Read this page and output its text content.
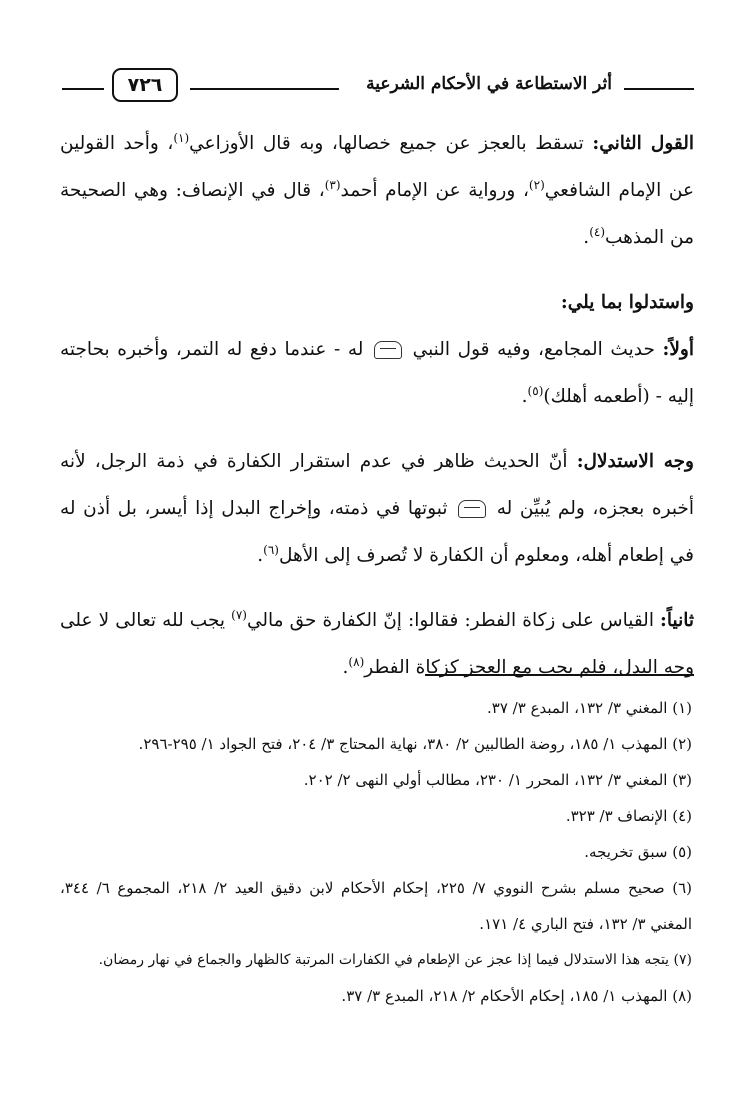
أثر الاستطاعة في الأحكام الشرعية
٧٢٦

القول الثاني: تسقط بالعجز عن جميع خصالها، وبه قال الأوزاعي$^{(١)}$، وأحد القولين عن الإمام الشافعي$^{(٢)}$، ورواية عن الإمام أحمد$^{(٣)}$، قال في الإنصاف: وهي الصحيحة من المذهب$^{(٤)}$.

واستدلوا بما يلي:

أولاً: حديث المجامع، وفيه قول النبي  له - عندما دفع له التمر، وأخبره بحاجته إليه - (أطعمه أهلك)$^{(٥)}$.

وجه الاستدلال: أنّ الحديث ظاهر في عدم استقرار الكفارة في ذمة الرجل، لأنه أخبره بعجزه، ولم يُبيِّن له  ثبوتها في ذمته، وإخراج البدل إذا أيسر، بل أذن له في إطعام أهله، ومعلوم أن الكفارة لا تُصرف إلى الأهل$^{(٦)}$.

ثانياً: القياس على زكاة الفطر: فقالوا: إنّ الكفارة حق مالي$^{(٧)}$ يجب لله تعالى لا على وجه البدل، فلم يجب مع العجز كزكاة الفطر$^{(٨)}$.

(١) المغني ٣/ ١٣٢، المبدع ٣/ ٣٧.

(٢) المهذب ١/ ١٨٥، روضة الطالبين ٢/ ٣٨٠، نهاية المحتاج ٣/ ٢٠٤، فتح الجواد ١/ ٢٩٥-٢٩٦.

(٣) المغني ٣/ ١٣٢، المحرر ١/ ٢٣٠، مطالب أولي النهى ٢/ ٢٠٢.

(٤) الإنصاف ٣/ ٣٢٣.

(٥) سبق تخريجه.

(٦) صحيح مسلم بشرح النووي ٧/ ٢٢٥، إحكام الأحكام لابن دقيق العيد ٢/ ٢١٨، المجموع ٦/ ٣٤٤، المغني ٣/ ١٣٢، فتح الباري ٤/ ١٧١.

(٧) يتجه هذا الاستدلال فيما إذا عجز عن الإطعام في الكفارات المرتبة كالظهار والجماع في نهار رمضان.

(٨) المهذب ١/ ١٨٥، إحكام الأحكام ٢/ ٢١٨، المبدع ٣/ ٣٧.
